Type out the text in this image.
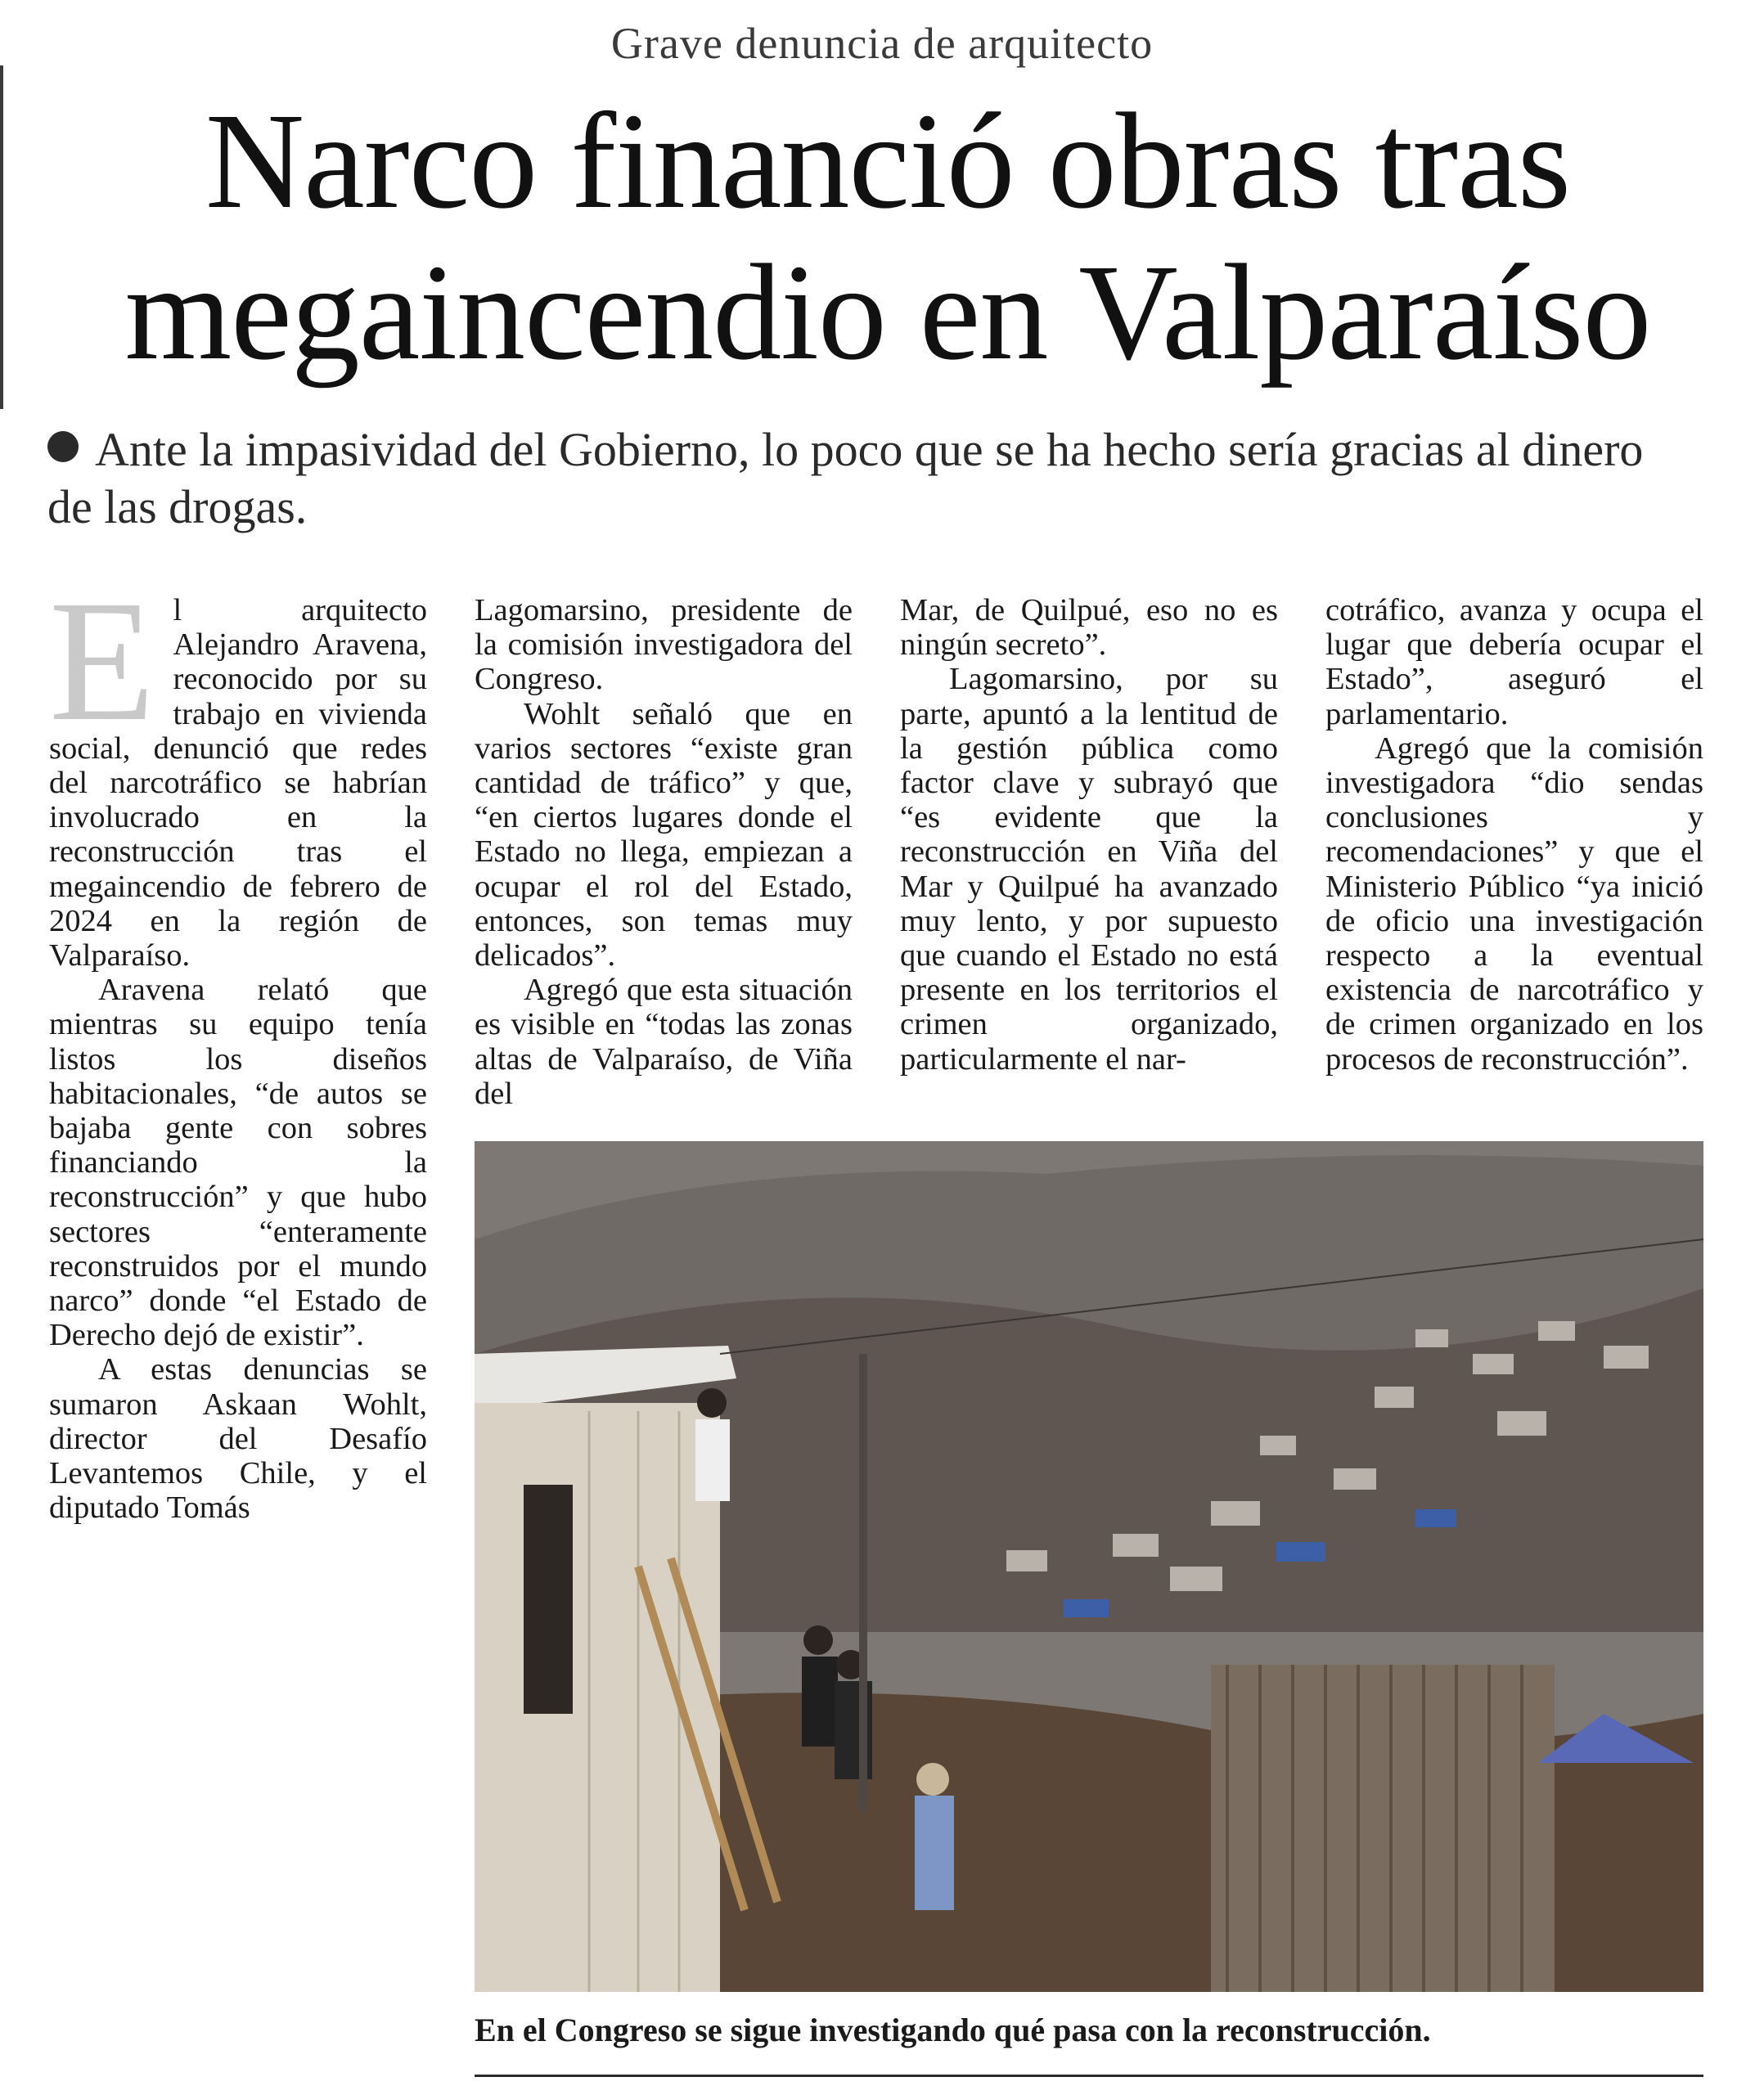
Grave denuncia de arquitecto
Narco financió obras tras
megaincendio en Valparaíso
Ante la impasividad del Gobierno, lo poco que se ha hecho sería gracias al dinero de las drogas.

El arquitecto Alejandro Aravena, reconocido por su trabajo en vivienda social, denunció que redes del narcotráfico se habrían involucrado en la reconstrucción tras el megaincendio de febrero de 2024 en la región de Valparaíso.

Aravena relató que mientras su equipo tenía listos los diseños habitacionales, “de autos se bajaba gente con sobres financiando la reconstrucción” y que hubo sectores “enteramente reconstruidos por el mundo narco” donde “el Estado de Derecho dejó de existir”.

A estas denuncias se sumaron Askaan Wohlt, director del Desafío Levantemos Chile, y el diputado Tomás

Lagomarsino, presidente de la comisión investigadora del Congreso.

Wohlt señaló que en varios sectores “existe gran cantidad de tráfico” y que, “en ciertos lugares donde el Estado no llega, empiezan a ocupar el rol del Estado, entonces, son temas muy delicados”.

Agregó que esta situación es visible en “todas las zonas altas de Valparaíso, de Viña del

Mar, de Quilpué, eso no es ningún secreto”.

Lagomarsino, por su parte, apuntó a la lentitud de la gestión pública como factor clave y subrayó que “es evidente que la reconstrucción en Viña del Mar y Quilpué ha avanzado muy lento, y por supuesto que cuando el Estado no está presente en los territorios el crimen organizado, particularmente el nar-

cotráfico, avanza y ocupa el lugar que debería ocupar el Estado”, aseguró el parlamentario.

Agregó que la comisión investigadora “dio sendas conclusiones y recomendaciones” y que el Ministerio Público “ya inició de oficio una investigación respecto a la eventual existencia de narcotráfico y de crimen organizado en los procesos de reconstrucción”.

En el Congreso se sigue investigando qué pasa con la reconstrucción.
